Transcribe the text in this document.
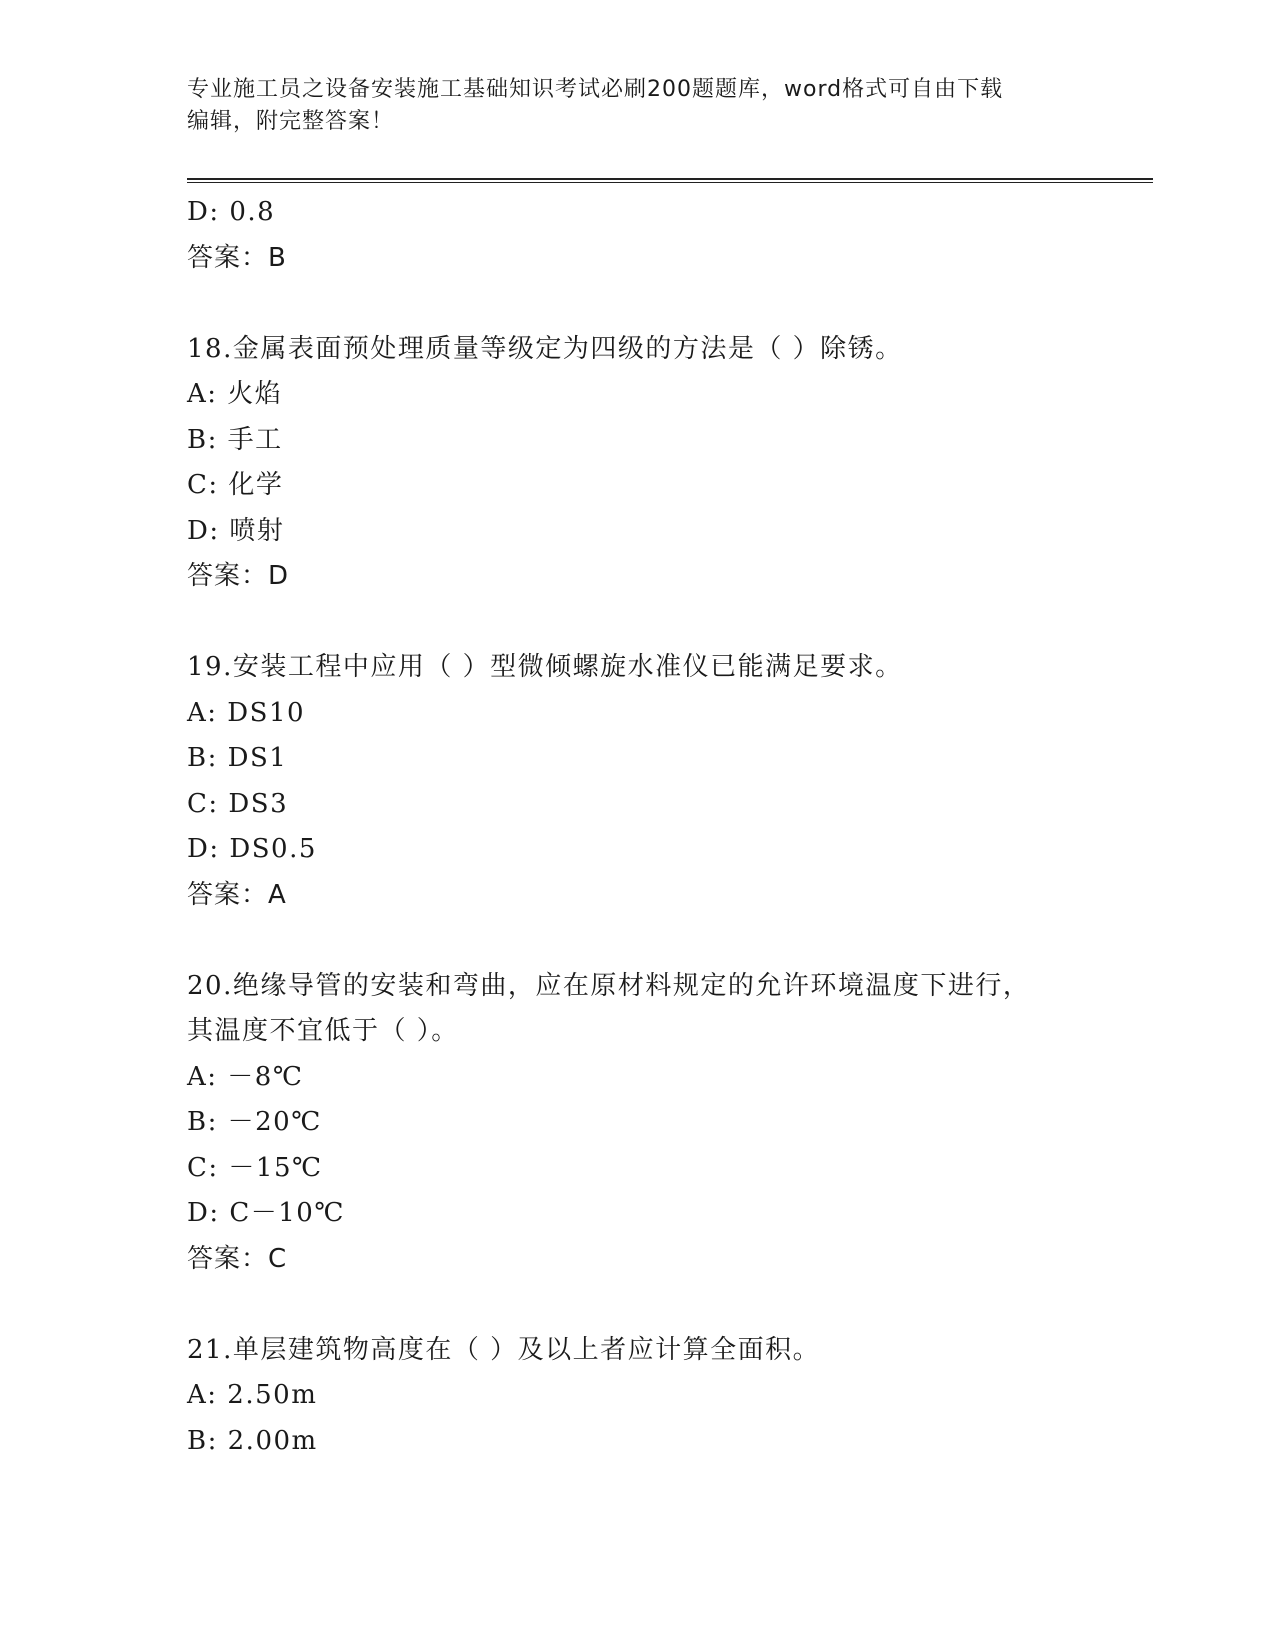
专业施工员之设备安装施工基础知识考试必刷200题题库，word格式可自由下载
编辑，附完整答案！
D: 0.8
答案：B
18.金属表面预处理质量等级定为四级的方法是（ ）除锈。
A: 火焰
B: 手工
C: 化学
D: 喷射
答案：D
19.安装工程中应用（ ）型微倾螺旋水准仪已能满足要求。
A: DS10
B: DS1
C: DS3
D: DS0.5
答案：A
20.绝缘导管的安装和弯曲，应在原材料规定的允许环境温度下进行，
其温度不宜低于（ ）。
A: －8℃
B: －20℃
C: －15℃
D: C－10℃
答案：C
21.单层建筑物高度在（ ）及以上者应计算全面积。
A: 2.50m
B: 2.00m
